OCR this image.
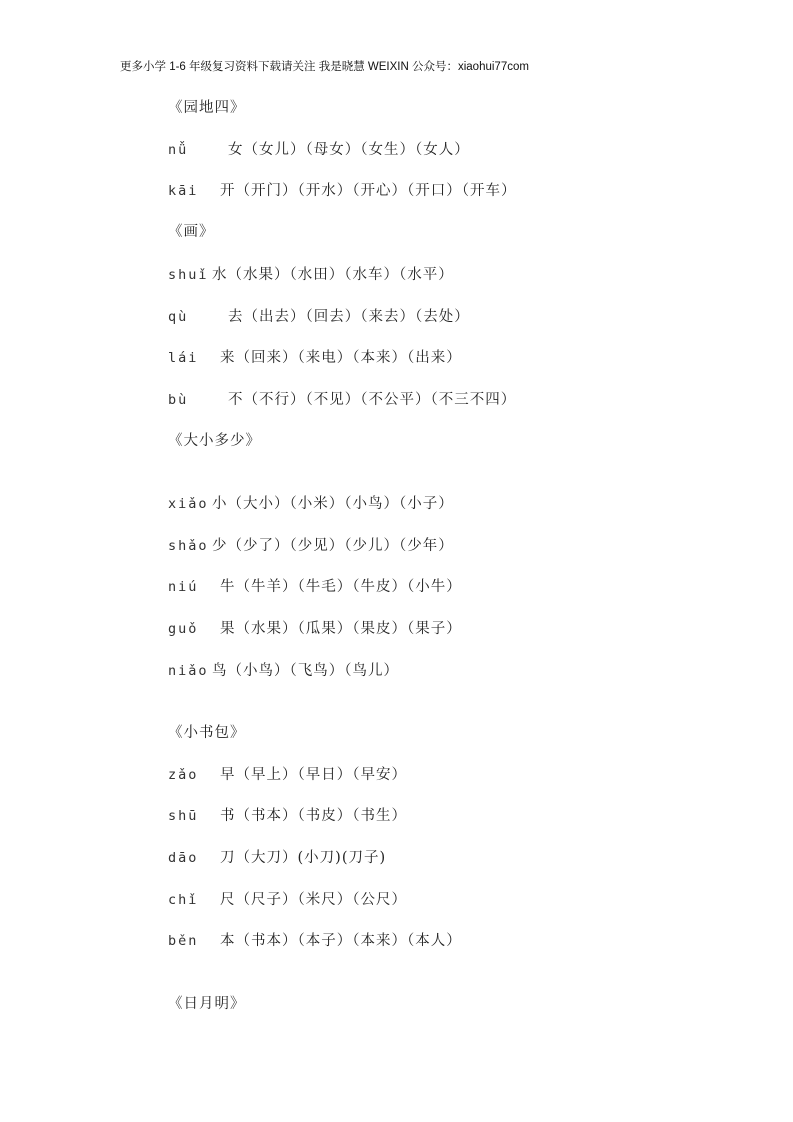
更多小学 1-6 年级复习资料下载请关注 我是晓慧 WEIXIN 公众号：xiaohui77com
《园地四》
nǚ	女（女儿）（母女）（女生）（女人）
kāi 开（开门）（开水）（开心）（开口）（开车）
《画》
shuǐ 水（水果）（水田）（水车）（水平）
qù	去（出去）（回去）（来去）（去处）
lái 来（回来）（来电）（本来）（出来）
bù	不（不行）（不见）（不公平）（不三不四）
《大小多少》
xiǎo 小（大小）（小米）（小鸟）（小子）
shǎo 少（少了）（少见）（少儿）（少年）
niú 牛（牛羊）（牛毛）（牛皮）（小牛）
guǒ 果（水果）（瓜果）（果皮）（果子）
niǎo 鸟（小鸟）（飞鸟）（鸟儿）
《小书包》
zǎo 早（早上）（早日）（早安）
shū 书（书本）（书皮）（书生）
dāo 刀（大刀）(小刀)(刀子)
chǐ 尺（尺子）（米尺）（公尺）
běn 本（书本）（本子）（本来）（本人）
《日月明》
